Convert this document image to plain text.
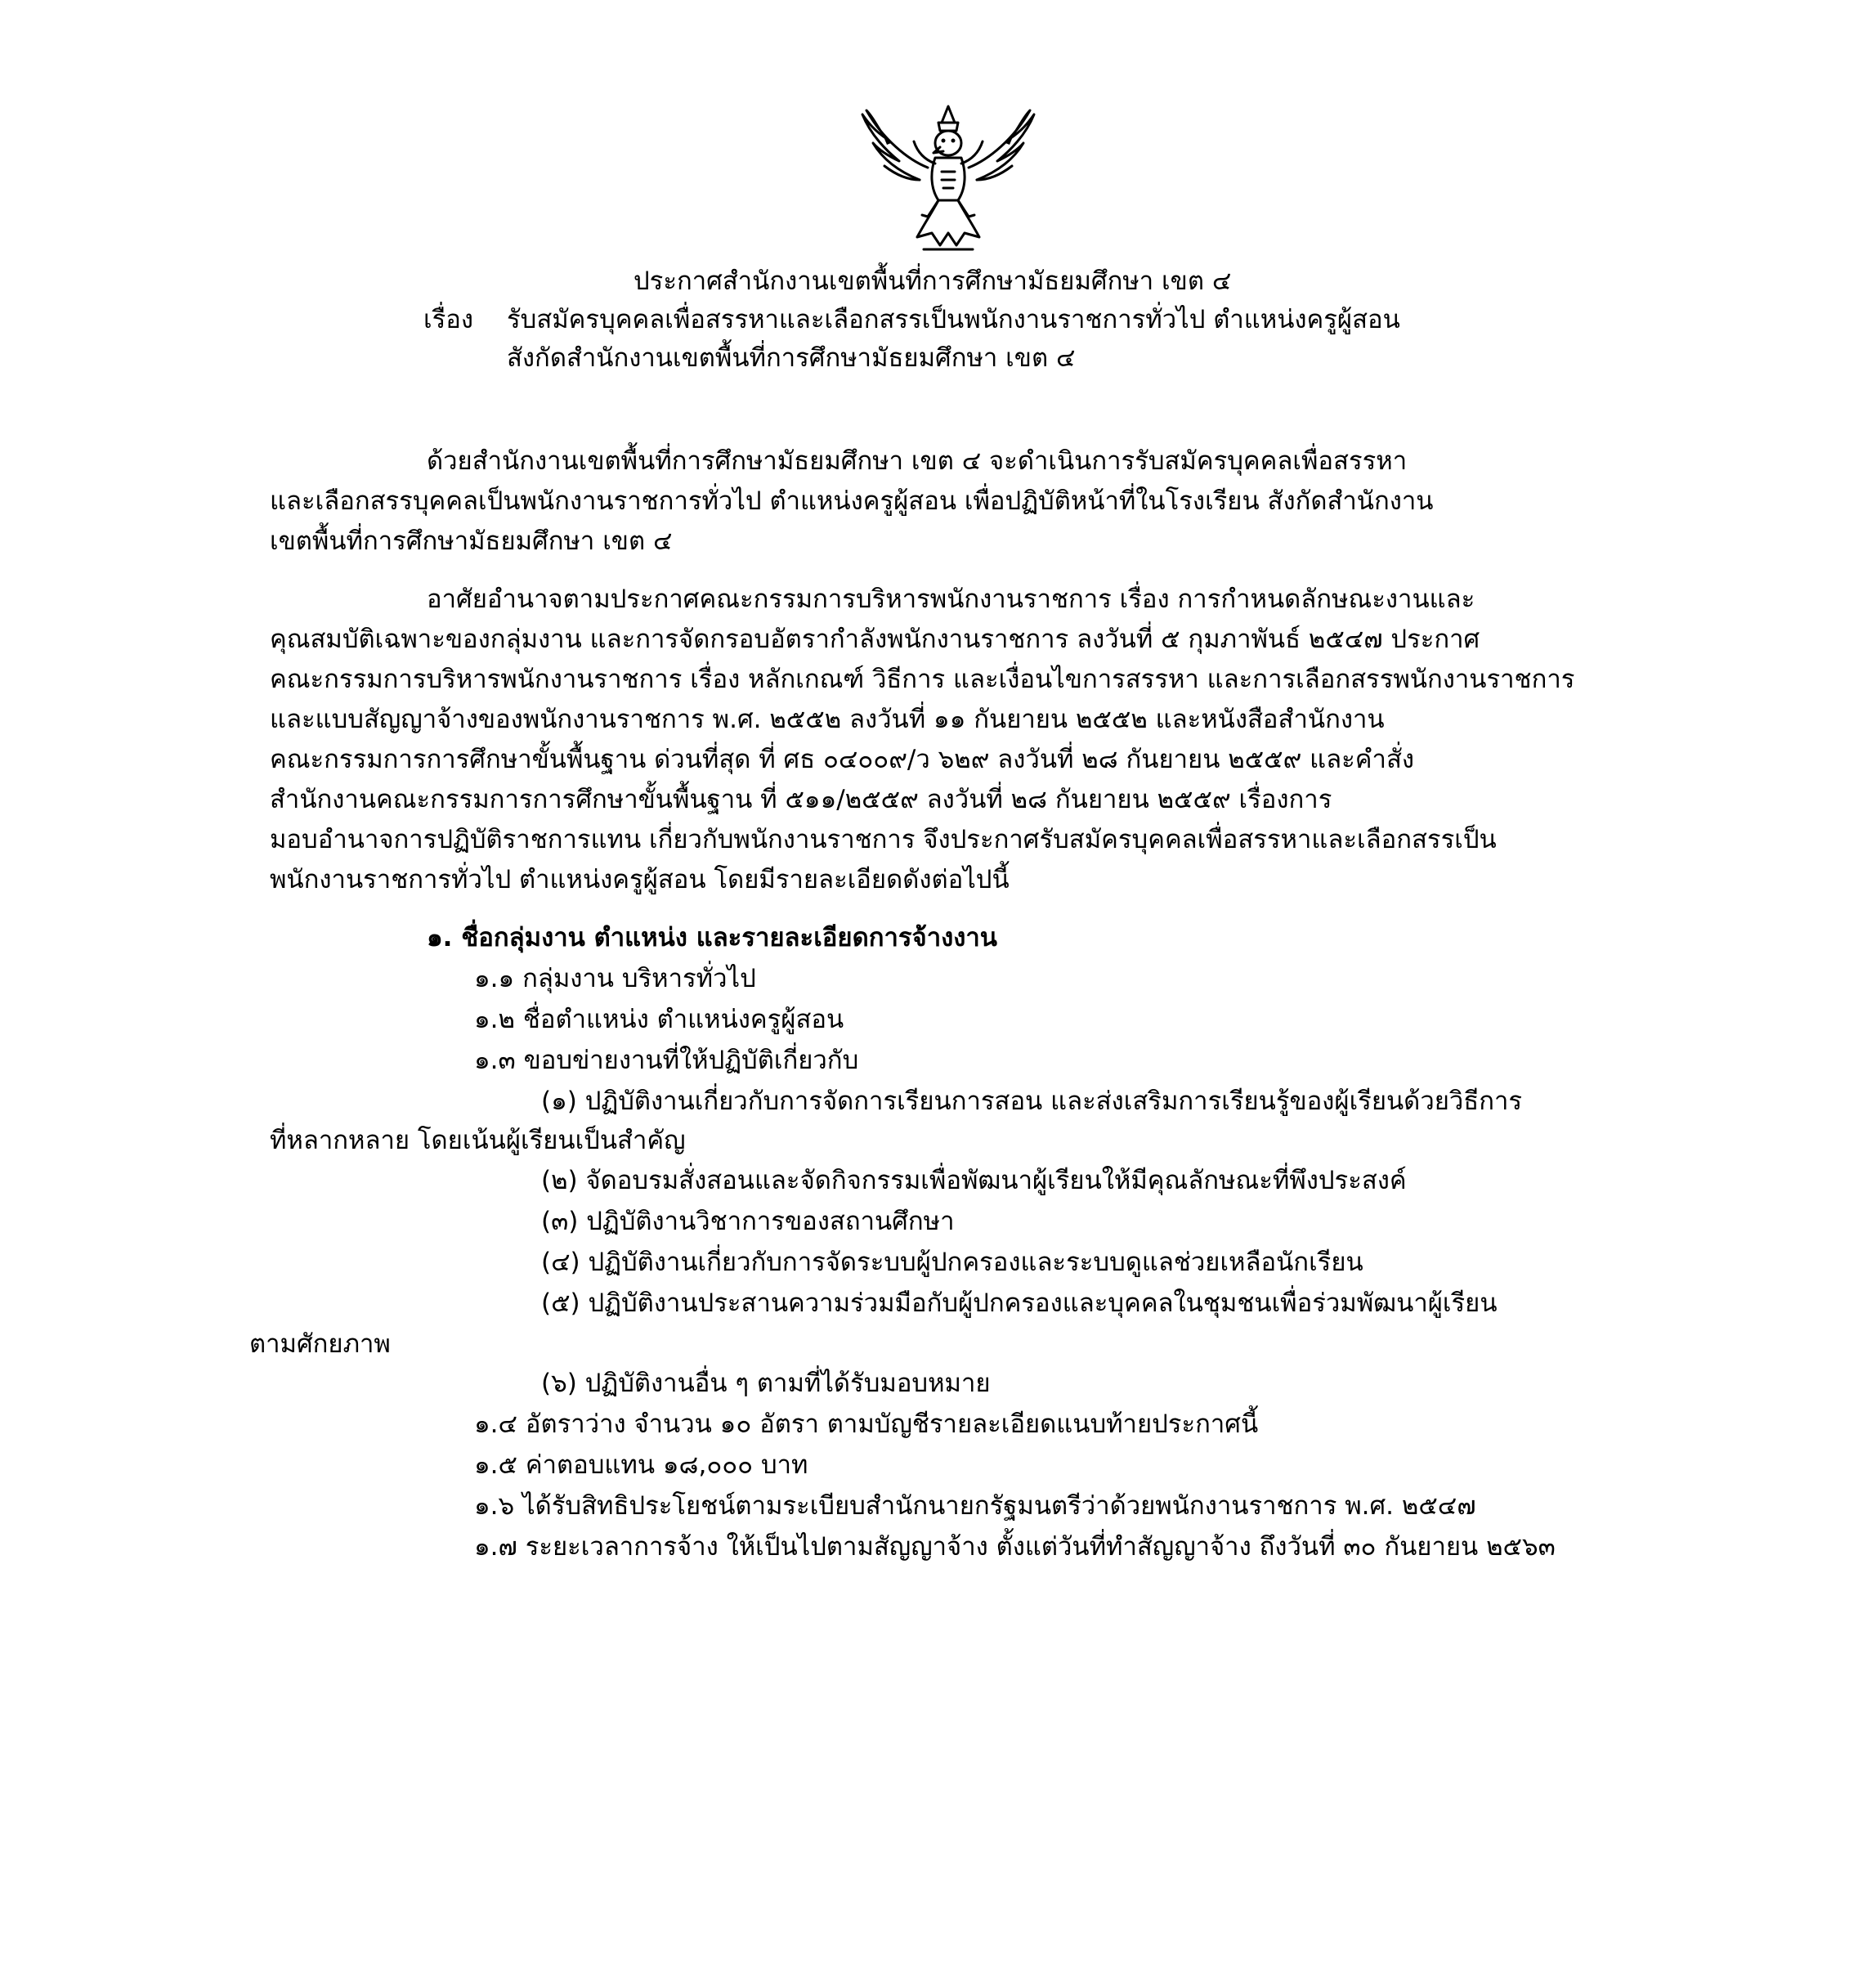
ประกาศสำนักงานเขตพื้นที่การศึกษามัธยมศึกษา เขต ๔
เรื่อง รับสมัครบุคคลเพื่อสรรหาและเลือกสรรเป็นพนักงานราชการทั่วไป ตำแหน่งครูผู้สอน
สังกัดสำนักงานเขตพื้นที่การศึกษามัธยมศึกษา เขต ๔
ด้วยสำนักงานเขตพื้นที่การศึกษามัธยมศึกษา เขต ๔ จะดำเนินการรับสมัครบุคคลเพื่อสรรหา
และเลือกสรรบุคคลเป็นพนักงานราชการทั่วไป ตำแหน่งครูผู้สอน เพื่อปฏิบัติหน้าที่ในโรงเรียน สังกัดสำนักงาน
เขตพื้นที่การศึกษามัธยมศึกษา เขต ๔
อาศัยอำนาจตามประกาศคณะกรรมการบริหารพนักงานราชการ เรื่อง การกำหนดลักษณะงานและ
คุณสมบัติเฉพาะของกลุ่มงาน และการจัดกรอบอัตรากำลังพนักงานราชการ ลงวันที่ ๕ กุมภาพันธ์ ๒๕๔๗ ประกาศ
คณะกรรมการบริหารพนักงานราชการ เรื่อง หลักเกณฑ์ วิธีการ และเงื่อนไขการสรรหา และการเลือกสรรพนักงานราชการ
และแบบสัญญาจ้างของพนักงานราชการ พ.ศ. ๒๕๕๒ ลงวันที่ ๑๑ กันยายน ๒๕๕๒ และหนังสือสำนักงาน
คณะกรรมการการศึกษาขั้นพื้นฐาน ด่วนที่สุด ที่ ศธ ๐๔๐๐๙/ว ๖๒๙ ลงวันที่ ๒๘ กันยายน ๒๕๕๙ และคำสั่ง
สำนักงานคณะกรรมการการศึกษาขั้นพื้นฐาน ที่ ๕๑๑/๒๕๕๙ ลงวันที่ ๒๘ กันยายน ๒๕๕๙ เรื่องการ
มอบอำนาจการปฏิบัติราชการแทน เกี่ยวกับพนักงานราชการ จึงประกาศรับสมัครบุคคลเพื่อสรรหาและเลือกสรรเป็น
พนักงานราชการทั่วไป ตำแหน่งครูผู้สอน โดยมีรายละเอียดดังต่อไปนี้
๑. ชื่อกลุ่มงาน ตำแหน่ง และรายละเอียดการจ้างงาน
๑.๑ กลุ่มงาน บริหารทั่วไป
๑.๒ ชื่อตำแหน่ง ตำแหน่งครูผู้สอน
๑.๓ ขอบข่ายงานที่ให้ปฏิบัติเกี่ยวกับ
(๑) ปฏิบัติงานเกี่ยวกับการจัดการเรียนการสอน และส่งเสริมการเรียนรู้ของผู้เรียนด้วยวิธีการ
ที่หลากหลาย โดยเน้นผู้เรียนเป็นสำคัญ
(๒) จัดอบรมสั่งสอนและจัดกิจกรรมเพื่อพัฒนาผู้เรียนให้มีคุณลักษณะที่พึงประสงค์
(๓) ปฏิบัติงานวิชาการของสถานศึกษา
(๔) ปฏิบัติงานเกี่ยวกับการจัดระบบผู้ปกครองและระบบดูแลช่วยเหลือนักเรียน
(๕) ปฏิบัติงานประสานความร่วมมือกับผู้ปกครองและบุคคลในชุมชนเพื่อร่วมพัฒนาผู้เรียน
ตามศักยภาพ
(๖) ปฏิบัติงานอื่น ๆ ตามที่ได้รับมอบหมาย
๑.๔ อัตราว่าง จำนวน ๑๐ อัตรา ตามบัญชีรายละเอียดแนบท้ายประกาศนี้
๑.๕ ค่าตอบแทน ๑๘,๐๐๐ บาท
๑.๖ ได้รับสิทธิประโยชน์ตามระเบียบสำนักนายกรัฐมนตรีว่าด้วยพนักงานราชการ พ.ศ. ๒๕๔๗
๑.๗ ระยะเวลาการจ้าง ให้เป็นไปตามสัญญาจ้าง ตั้งแต่วันที่ทำสัญญาจ้าง ถึงวันที่ ๓๐ กันยายน ๒๕๖๓
